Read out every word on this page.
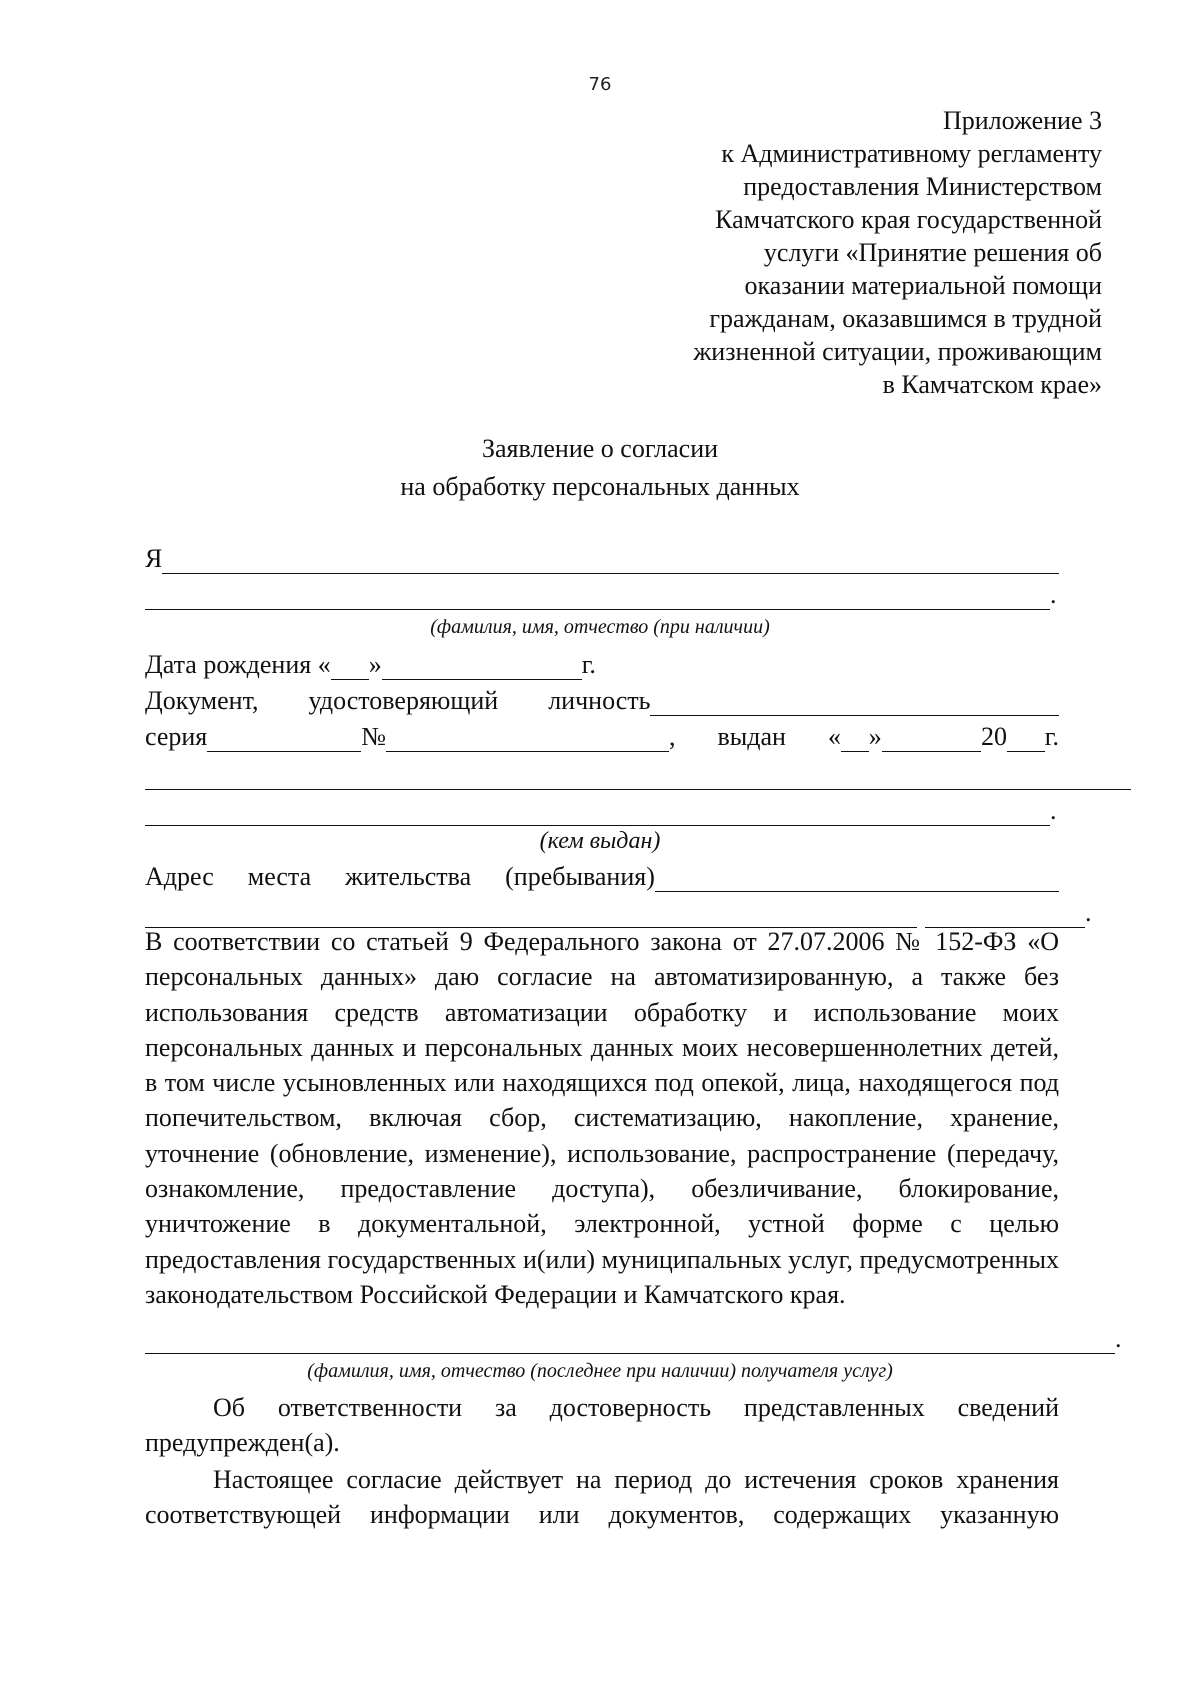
76
Приложение 3
к Административному регламенту
предоставления Министерством
Камчатского края государственной
услуги «Принятие решения об
оказании материальной помощи
гражданам, оказавшимся в трудной
жизненной ситуации, проживающим
в Камчатском крае»
Заявление о согласии
на обработку персональных данных
Я
.
(фамилия, имя, отчество (при наличии)
Дата рождения « »	г.
Документ, удостоверяющий личность
серия	№	, выдан « »	20 г.
.
(кем выдан)
Адрес места жительства (пребывания)
.

В соответствии со статьей 9 Федерального закона от 27.07.2006 № 152-ФЗ «О персональных данных» даю согласие на автоматизированную, а также без использования средств автоматизации обработку и использование моих персональных данных и персональных данных моих несовершеннолетних детей, в том числе усыновленных или находящихся под опекой, лица, находящегося под попечительством, включая сбор, систематизацию, накопление, хранение, уточнение (обновление, изменение), использование, распространение (передачу, ознакомление, предоставление доступа), обезличивание, блокирование, уничтожение в документальной, электронной, устной форме с целью предоставления государственных и(или) муниципальных услуг, предусмотренных законодательством Российской Федерации и Камчатского края.

.
(фамилия, имя, отчество (последнее при наличии) получателя услуг)

Об ответственности за достоверность представленных сведений предупрежден(а).

Настоящее согласие действует на период до истечения сроков хранения соответствующей информации или документов, содержащих указанную
